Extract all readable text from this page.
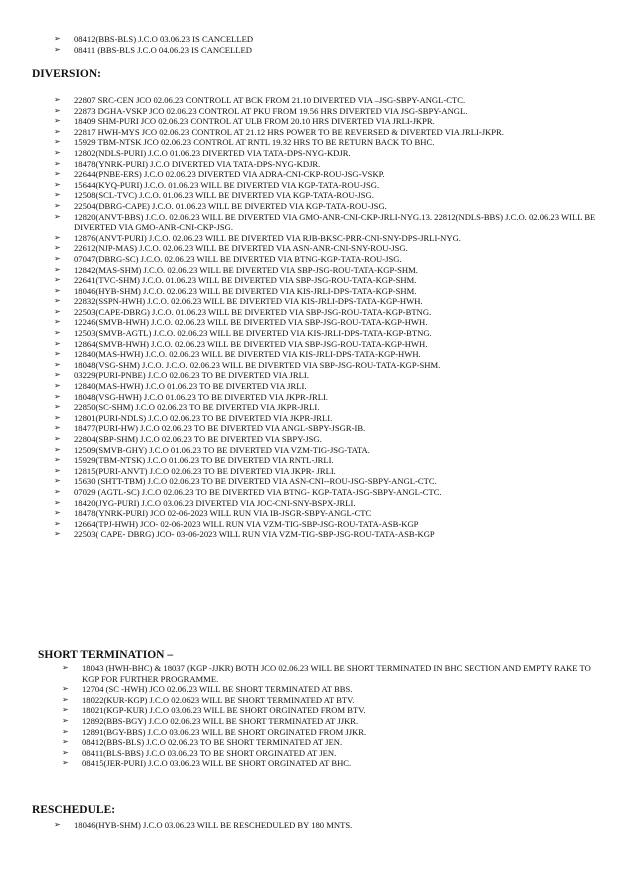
➢	08412(BBS-BLS) J.C.O 03.06.23 IS CANCELLED
➢	08411 (BBS-BLS J.C.O 04.06.23 IS CANCELLED
DIVERSION:
➢	22807 SRC-CEN JCO 02.06.23 CONTROLL AT BCK FROM 21.10 DIVERTED VIA –JSG-SBPY-ANGL-CTC.
➢	22873 DGHA-VSKP JCO 02.06.23 CONTROL AT PKU FROM 19.56 HRS DIVERTED VIA JSG-SBPY-ANGL.
➢	18409 SHM-PURI JCO 02.06.23 CONTROL AT ULB FROM 20.10 HRS DIVERTED VIA JRLI-JKPR.
➢	22817 HWH-MYS JCO 02.06.23 CONTROL AT 21.12 HRS POWER TO BE REVERSED & DIVERTED VIA JRLI-JKPR.
➢	15929 TBM-NTSK JCO 02.06.23 CONTROL AT RNTL 19.32 HRS TO BE RETURN BACK TO BHC.
➢	12802(NDLS-PURI) J.C.O 01.06.23 DIVERTED VIA TATA-DPS-NYG-KDJR.
➢	18478(YNRK-PURI) J.C.O DIVERTED VIA TATA-DPS-NYG-KDJR.
➢	22644(PNBE-ERS) J.C.O 02.06.23 DIVERTED VIA ADRA-CNI-CKP-ROU-JSG-VSKP.
➢	15644(KYQ-PURI) J.C.O. 01.06.23 WILL BE DIVERTED VIA KGP-TATA-ROU-JSG.
➢	12508(SCL-TVC) J.C.O. 01.06.23 WILL BE DIVERTED VIA KGP-TATA-ROU-JSG.
➢	22504(DBRG-CAPE) J.C.O. 01.06.23 WILL BE DIVERTED VIA KGP-TATA-ROU-JSG.
➢	12820(ANVT-BBS) J.C.O. 02.06.23 WILL BE DIVERTED VIA GMO-ANR-CNI-CKP-JRLI-NYG.13. 22812(NDLS-BBS) J.C.O. 02.06.23 WILL BE DIVERTED VIA GMO-ANR-CNI-CKP-JSG.
➢	12876(ANVT-PURI) J.C.O. 02.06.23 WILL BE DIVERTED VIA RJB-BKSC-PRR-CNI-SNY-DPS-JRLI-NYG.
➢	22612(NJP-MAS) J.C.O. 02.06.23 WILL BE DIVERTED VIA ASN-ANR-CNI-SNY-ROU-JSG.
➢	07047(DBRG-SC) J.C.O. 02.06.23 WILL BE DIVERTED VIA BTNG-KGP-TATA-ROU-JSG.
➢	12842(MAS-SHM) J.C.O. 02.06.23 WILL BE DIVERTED VIA SBP-JSG-ROU-TATA-KGP-SHM.
➢	22641(TVC-SHM) J.C.O. 01.06.23 WILL BE DIVERTED VIA SBP-JSG-ROU-TATA-KGP-SHM.
➢	18046(HYB-SHM) J.C.O. 02.06.23 WILL BE DIVERTED VIA KIS-JRLI-DPS-TATA-KGP-SHM.
➢	22832(SSPN-HWH) J.C.O. 02.06.23 WILL BE DIVERTED VIA KIS-JRLI-DPS-TATA-KGP-HWH.
➢	22503(CAPE-DBRG) J.C.O. 01.06.23 WILL BE DIVERTED VIA SBP-JSG-ROU-TATA-KGP-BTNG.
➢	12246(SMVB-HWH) J.C.O. 02.06.23 WILL BE DIVERTED VIA SBP-JSG-ROU-TATA-KGP-HWH.
➢	12503(SMVB-AGTL) J.C.O. 02.06.23 WILL BE DIVERTED VIA KIS-JRLI-DPS-TATA-KGP-BTNG.
➢	12864(SMVB-HWH) J.C.O. 02.06.23 WILL BE DIVERTED VIA SBP-JSG-ROU-TATA-KGP-HWH.
➢	12840(MAS-HWH) J.C.O. 02.06.23 WILL BE DIVERTED VIA KIS-JRLI-DPS-TATA-KGP-HWH.
➢	18048(VSG-SHM) J.C.O. J.C.O. 02.06.23 WILL BE DIVERTED VIA SBP-JSG-ROU-TATA-KGP-SHM.
➢	03229(PURI-PNBE) J.C.O 02.06.23 TO BE DIVERTED VIA JRLI.
➢	12840(MAS-HWH) J.C.O 01.06.23 TO BE DIVERTED VIA JRLI.
➢	18048(VSG-HWH) J.C.O 01.06.23 TO BE DIVERTED VIA JKPR-JRLI.
➢	22850(SC-SHM) J.C.O 02.06.23 TO BE DIVERTED VIA JKPR-JRLI.
➢	12801(PURI-NDLS) J.C.O 02.06.23 TO BE DIVERTED VIA JKPR-JRLI.
➢	18477(PURI-HW) J.C.O 02.06.23 TO BE DIVERTED VIA ANGL-SBPY-JSGR-IB.
➢	22804(SBP-SHM) J.C.O 02.06.23 TO BE DIVERTED VIA SBPY-JSG.
➢	12509(SMVB-GHY) J.C.O 01.06.23 TO BE DIVERTED VIA VZM-TIG-JSG-TATA.
➢	15929(TBM-NTSK) J.C.O 01.06.23 TO BE DIVERTED VIA RNTL-JRLI.
➢	12815(PURI-ANVT) J.C.O 02.06.23 TO BE DIVERTED VIA JKPR- JRLI.
➢	15630 (SHTT-TBM) J.C.O 02.06.23 TO BE DIVERTED VIA ASN-CNI--ROU-JSG-SBPY-ANGL-CTC.
➢	07029 (AGTL-SC) J.C.O 02.06.23 TO BE DIVERTED VIA BTNG- KGP-TATA-JSG-SBPY-ANGL-CTC.
➢	18420(JYG-PURI) J.C.O 03.06.23 DIVERTED VIA JOC-CNI-SNY-BSPX-JRLI.
➢	18478(YNRK-PURI) JCO 02-06-2023 WILL RUN VIA IB-JSGR-SBPY-ANGL-CTC
➢	12664(TPJ-HWH) JCO- 02-06-2023 WILL RUN VIA VZM-TIG-SBP-JSG-ROU-TATA-ASB-KGP
➢	22503( CAPE- DBRG) JCO- 03-06-2023 WILL RUN VIA VZM-TIG-SBP-JSG-ROU-TATA-ASB-KGP
SHORT TERMINATION –
➢	18043 (HWH-BHC) & 18037 (KGP -JJKR) BOTH JCO 02.06.23 WILL BE SHORT TERMINATED IN BHC SECTION AND EMPTY RAKE TO KGP FOR FURTHER PROGRAMME.
➢	12704 (SC -HWH) JCO 02.06.23 WILL BE SHORT TERMINATED AT BBS.
➢	18022(KUR-KGP) J.C.O 02.0623 WILL BE SHORT TERMINATED AT BTV.
➢	18021(KGP-KUR) J.C.O 03.06.23 WILL BE SHORT ORGINATED FROM BTV.
➢	12892(BBS-BGY) J.C.O 02.06.23 WILL BE SHORT TERMINATED AT JJKR.
➢	12891(BGY-BBS) J.C.O 03.06.23 WILL BE SHORT ORGINATED FROM JJKR.
➢	08412(BBS-BLS) J.C.O 02.06.23 TO BE SHORT TERMINATED AT JEN.
➢	08411(BLS-BBS) J.C.O 03.06.23 TO BE SHORT ORGINATED AT JEN.
➢	08415(JER-PURI) J.C.O 03.06.23 WILL BE SHORT ORGINATED AT BHC.
RESCHEDULE:
➢	18046(HYB-SHM) J.C.O 03.06.23 WILL BE RESCHEDULED BY 180 MNTS.
